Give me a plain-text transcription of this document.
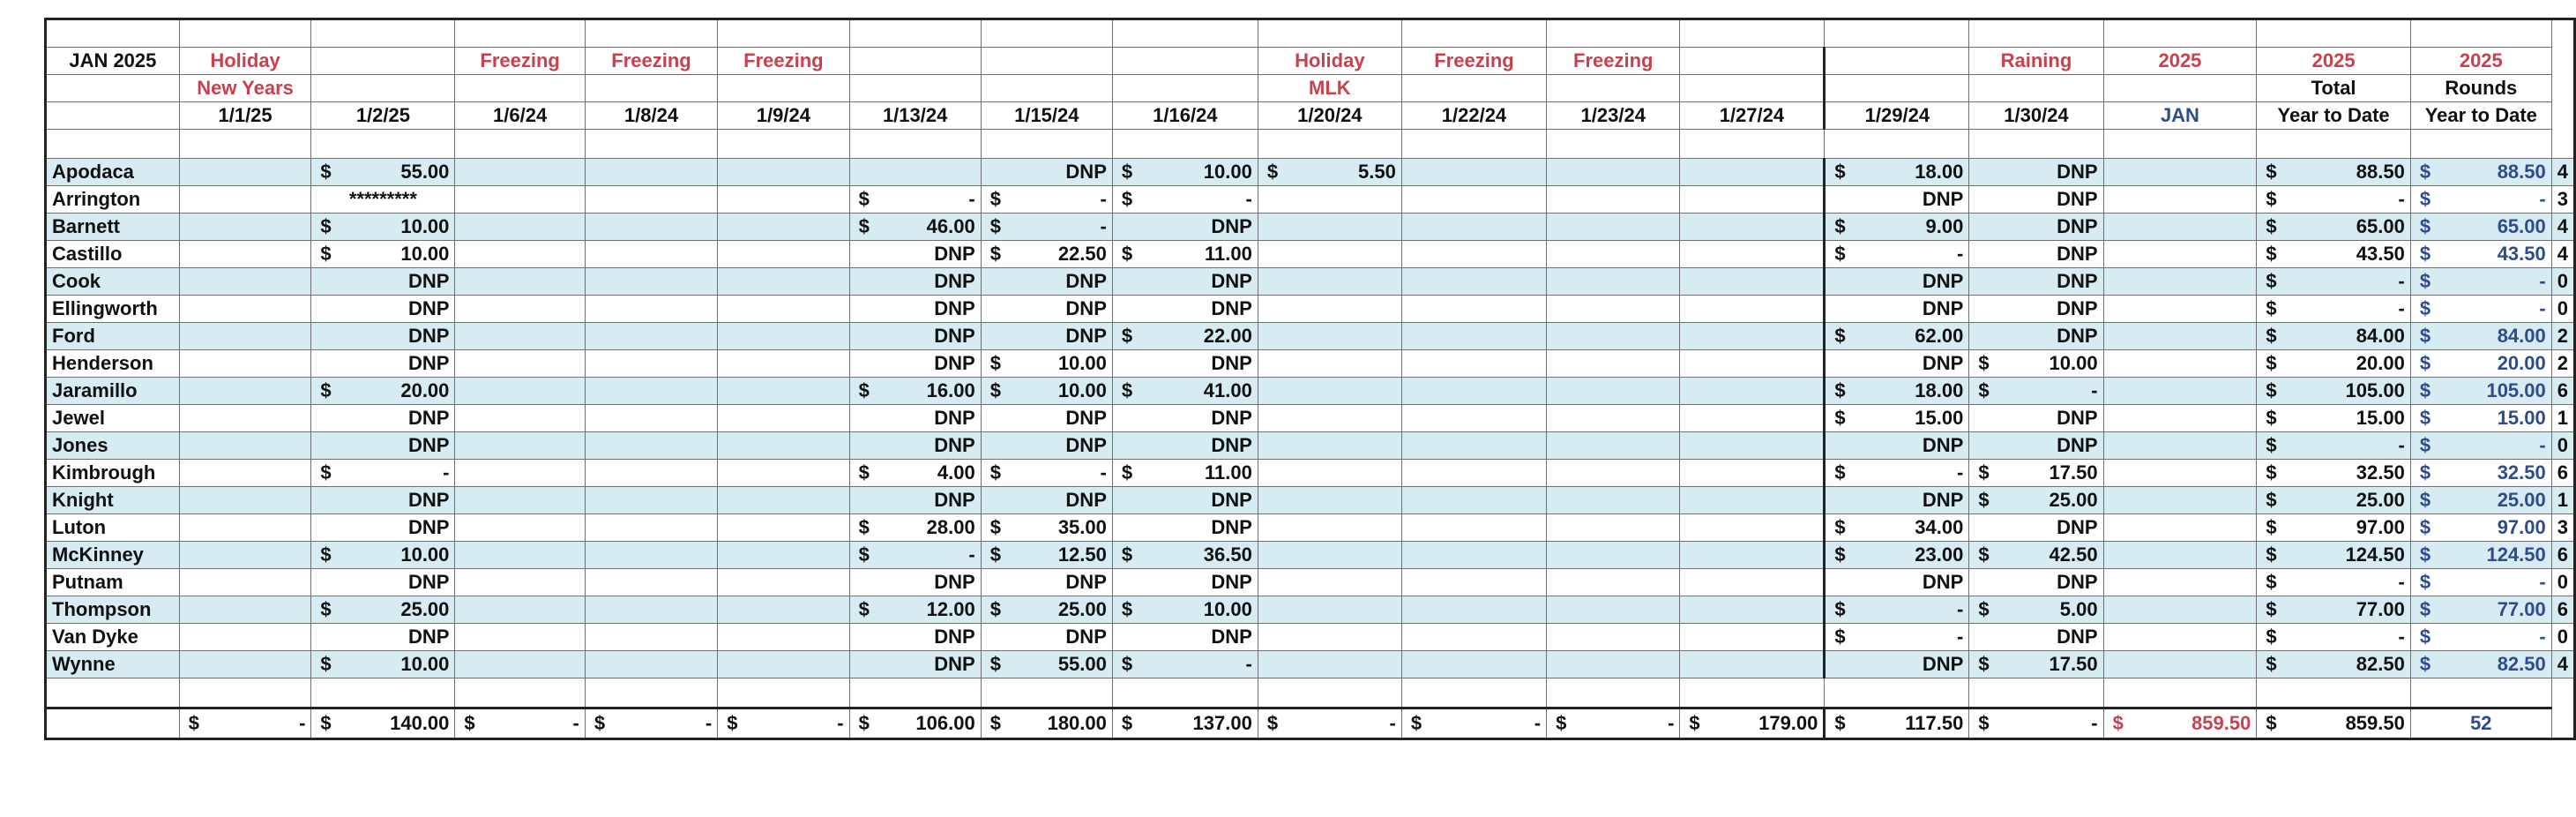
JAN 2025	Holiday		Freezing	Freezing	Freezing				Holiday	Freezing	Freezing			Raining	2025	2025	2025	
	New Years								MLK							Total	Rounds	
	1/1/25	1/2/25	1/6/24	1/8/24	1/9/24	1/13/24	1/15/24	1/16/24	1/20/24	1/22/24	1/23/24	1/27/24	1/29/24	1/30/24	JAN	Year to Date	Year to Date	

Apodaca		$ 55.00					DNP	$ 10.00	$ 5.50				$ 18.00	DNP		$ 88.50	$ 88.50	4
Arrington		*********				$ -	$ -	$ -					DNP	DNP		$ -	$ -	3
Barnett		$ 10.00				$ 46.00	$ -	DNP					$ 9.00	DNP		$ 65.00	$ 65.00	4
Castillo		$ 10.00				DNP	$ 22.50	$ 11.00					$ -	DNP		$ 43.50	$ 43.50	4
Cook		DNP				DNP	DNP	DNP					DNP	DNP		$ -	$ -	0
Ellingworth		DNP				DNP	DNP	DNP					DNP	DNP		$ -	$ -	0
Ford		DNP				DNP	DNP	$ 22.00					$ 62.00	DNP		$ 84.00	$ 84.00	2
Henderson		DNP				DNP	$ 10.00	DNP					DNP	$ 10.00		$ 20.00	$ 20.00	2
Jaramillo		$ 20.00				$ 16.00	$ 10.00	$ 41.00					$ 18.00	$ -		$ 105.00	$ 105.00	6
Jewel		DNP				DNP	DNP	DNP					$ 15.00	DNP		$ 15.00	$ 15.00	1
Jones		DNP				DNP	DNP	DNP					DNP	DNP		$ -	$ -	0
Kimbrough		$ -				$ 4.00	$ -	$ 11.00					$ -	$ 17.50		$ 32.50	$ 32.50	6
Knight		DNP				DNP	DNP	DNP					DNP	$ 25.00		$ 25.00	$ 25.00	1
Luton		DNP				$ 28.00	$ 35.00	DNP					$ 34.00	DNP		$ 97.00	$ 97.00	3
McKinney		$ 10.00				$ -	$ 12.50	$ 36.50					$ 23.00	$ 42.50		$ 124.50	$ 124.50	6
Putnam		DNP				DNP	DNP	DNP					DNP	DNP		$ -	$ -	0
Thompson		$ 25.00				$ 12.00	$ 25.00	$ 10.00					$ -	$ 5.00		$ 77.00	$ 77.00	6
Van Dyke		DNP				DNP	DNP	DNP					$ -	DNP		$ -	$ -	0
Wynne		$ 10.00				DNP	$ 55.00	$ -					DNP	$ 17.50		$ 82.50	$ 82.50	4

	$ -	$ 140.00	$ -	$ -	$ -	$ 106.00	$ 180.00	$ 137.00	$ -	$ -	$ -	$ 179.00	$ 117.50	$ -	$ 859.50	$ 859.50	52	
